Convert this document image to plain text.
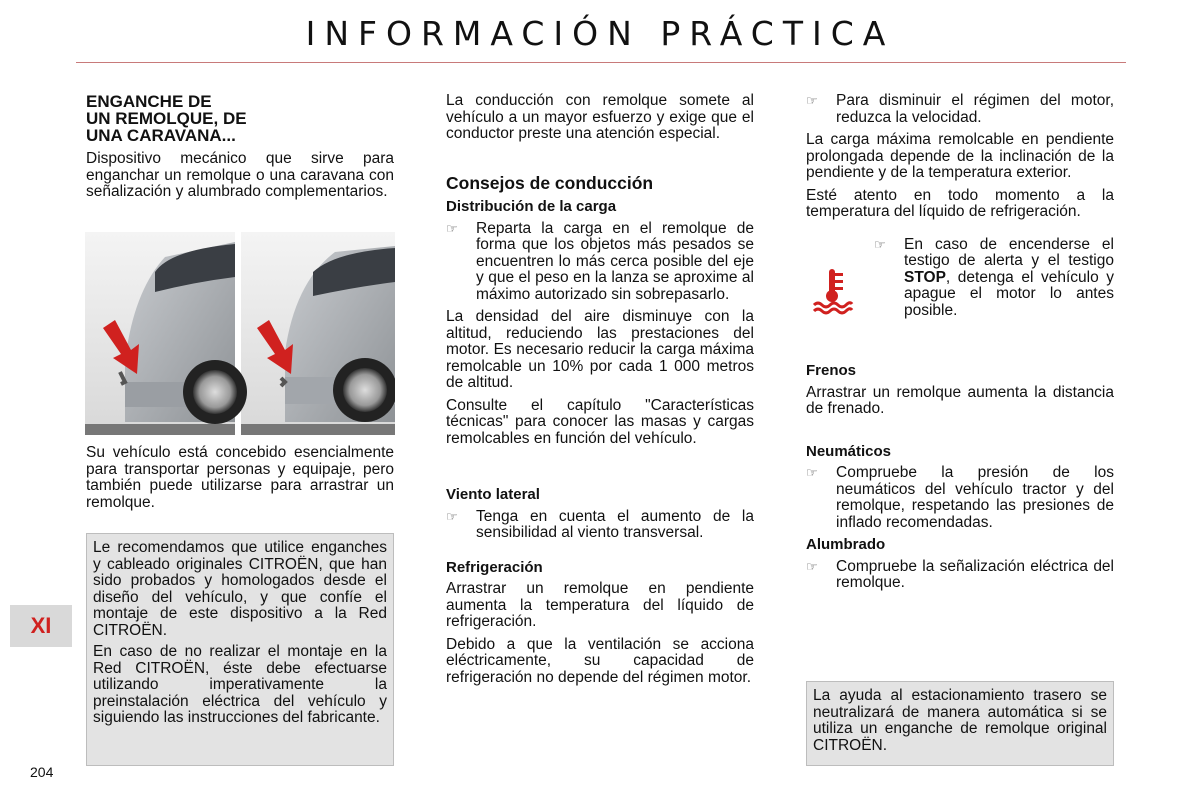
INFORMACIÓN PRÁCTICA
ENGANCHE DE
UN REMOLQUE, DE
UNA CARAVANA...

Dispositivo mecánico que sirve para enganchar un remolque o una caravana con señalización y alumbrado complementarios.

Su vehículo está concebido esencialmente para transportar personas y equipaje, pero también puede utilizarse para arrastrar un remolque.

Le recomendamos que utilice enganches y cableado originales CITROËN, que han sido probados y homologados desde el diseño del vehículo, y que confíe el montaje de este dispositivo a la Red CITROËN.

En caso de no realizar el montaje en la Red CITROËN, éste debe efectuarse utilizando imperativamente la preinstalación eléctrica del vehículo y siguiendo las instrucciones del fabricante.

La conducción con remolque somete al vehículo a un mayor esfuerzo y exige que el conductor preste una atención especial.

Consejos de conducción
Distribución de la carga
☞	Reparta la carga en el remolque de forma que los objetos más pesados se encuentren lo más cerca posible del eje y que el peso en la lanza se aproxime al máximo autorizado sin sobrepasarlo.

La densidad del aire disminuye con la altitud, reduciendo las prestaciones del motor. Es necesario reducir la carga máxima remolcable un 10% por cada 1 000 metros de altitud.

Consulte el capítulo "Características técnicas" para conocer las masas y cargas remolcables en función del vehículo.

Viento lateral
☞	Tenga en cuenta el aumento de la sensibilidad al viento transversal.
Refrigeración

Arrastrar un remolque en pendiente aumenta la temperatura del líquido de refrigeración.

Debido a que la ventilación se acciona eléctricamente, su capacidad de refrigeración no depende del régimen motor.

☞	Para disminuir el régimen del motor, reduzca la velocidad.

La carga máxima remolcable en pendiente prolongada depende de la inclinación de la pendiente y de la temperatura exterior.

Esté atento en todo momento a la temperatura del líquido de refrigeración.

☞	En caso de encenderse el testigo de alerta y el testigo STOP, detenga el vehículo y apague el motor lo antes posible.
Frenos

Arrastrar un remolque aumenta la distancia de frenado.

Neumáticos
☞	Compruebe la presión de los neumáticos del vehículo tractor y del remolque, respetando las presiones de inflado recomendadas.
Alumbrado
☞	Compruebe la señalización eléctrica del remolque.

La ayuda al estacionamiento trasero se neutralizará de manera automática si se utiliza un enganche de remolque original CITROËN.

XI
204
